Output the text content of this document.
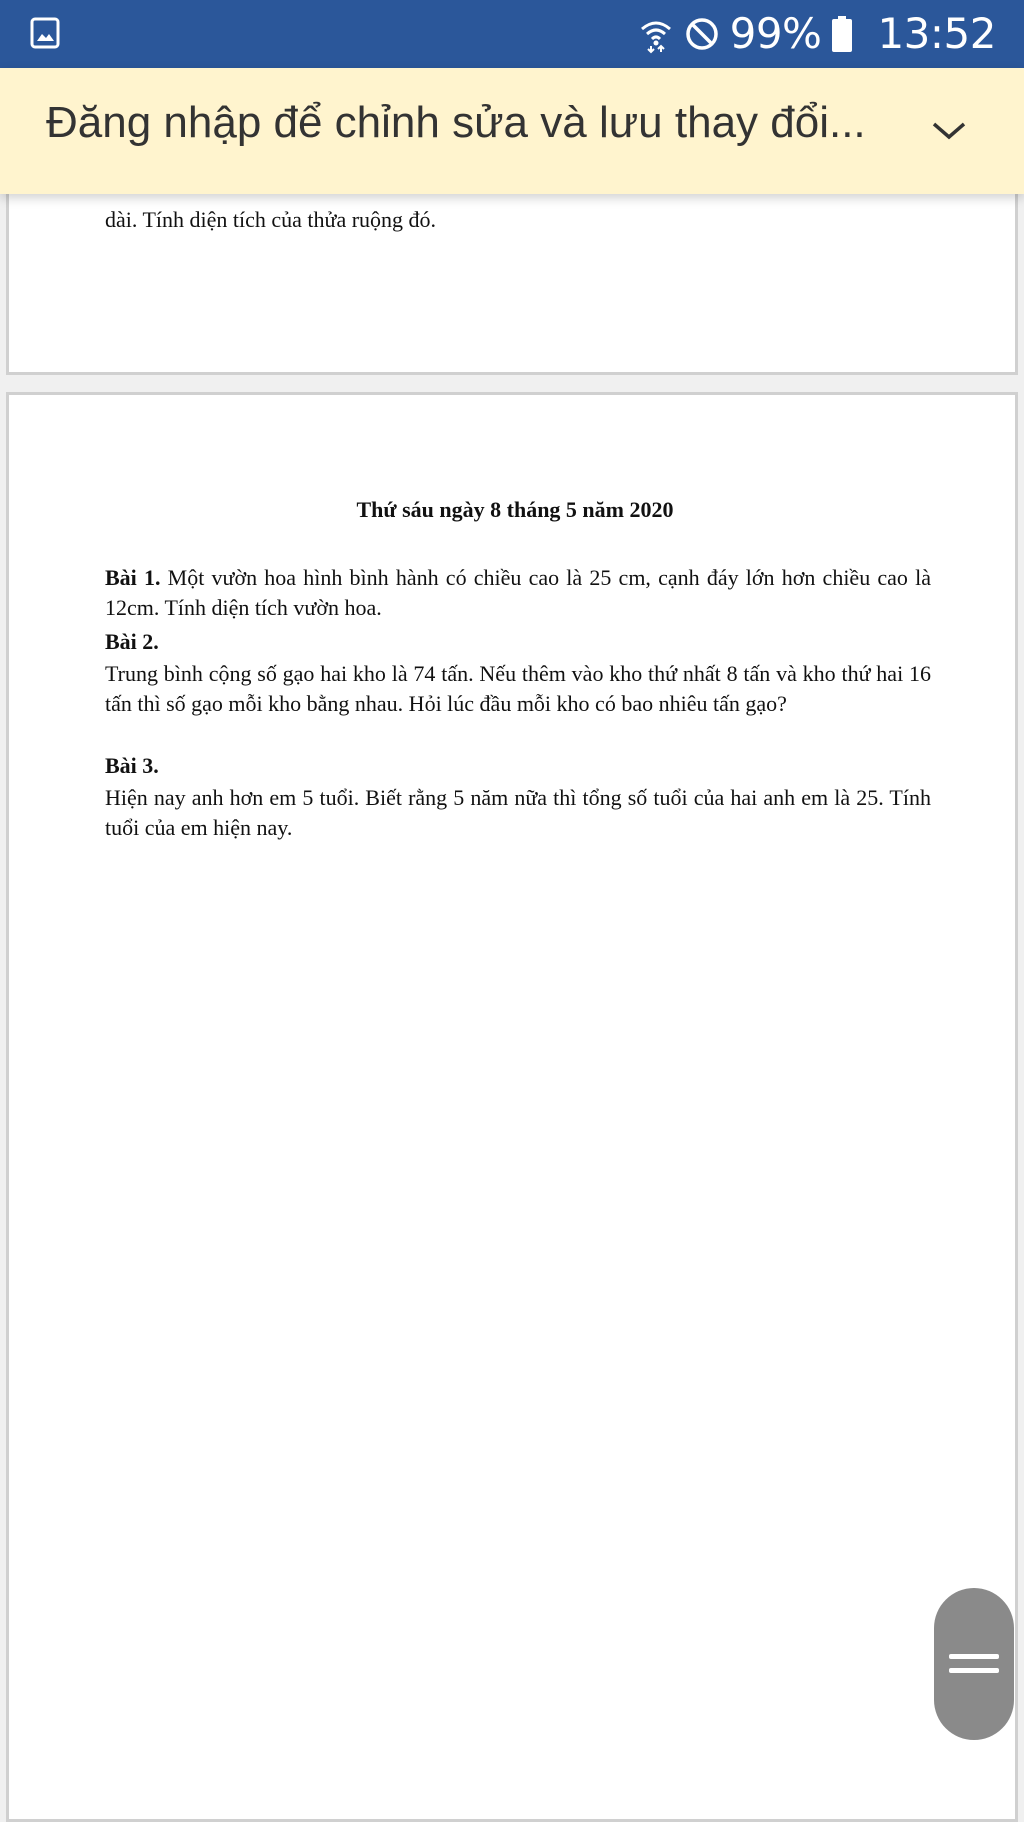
99% 13:52
dài. Tính diện tích của thửa ruộng đó.
Đăng nhập để chỉnh sửa và lưu thay đổi...
Thứ sáu ngày 8 tháng 5 năm 2020
Bài 1. Một vườn hoa hình bình hành có chiều cao là 25 cm, cạnh đáy lớn hơn chiều cao là 12cm. Tính diện tích vườn hoa.
Bài 2.
Trung bình cộng số gạo hai kho là 74 tấn. Nếu thêm vào kho thứ nhất 8 tấn và kho thứ hai 16 tấn thì số gạo mỗi kho bằng nhau. Hỏi lúc đầu mỗi kho có bao nhiêu tấn gạo?
Bài 3.
Hiện nay anh hơn em 5 tuổi. Biết rằng 5 năm nữa thì tổng số tuổi của hai anh em là 25. Tính tuổi của em hiện nay.
